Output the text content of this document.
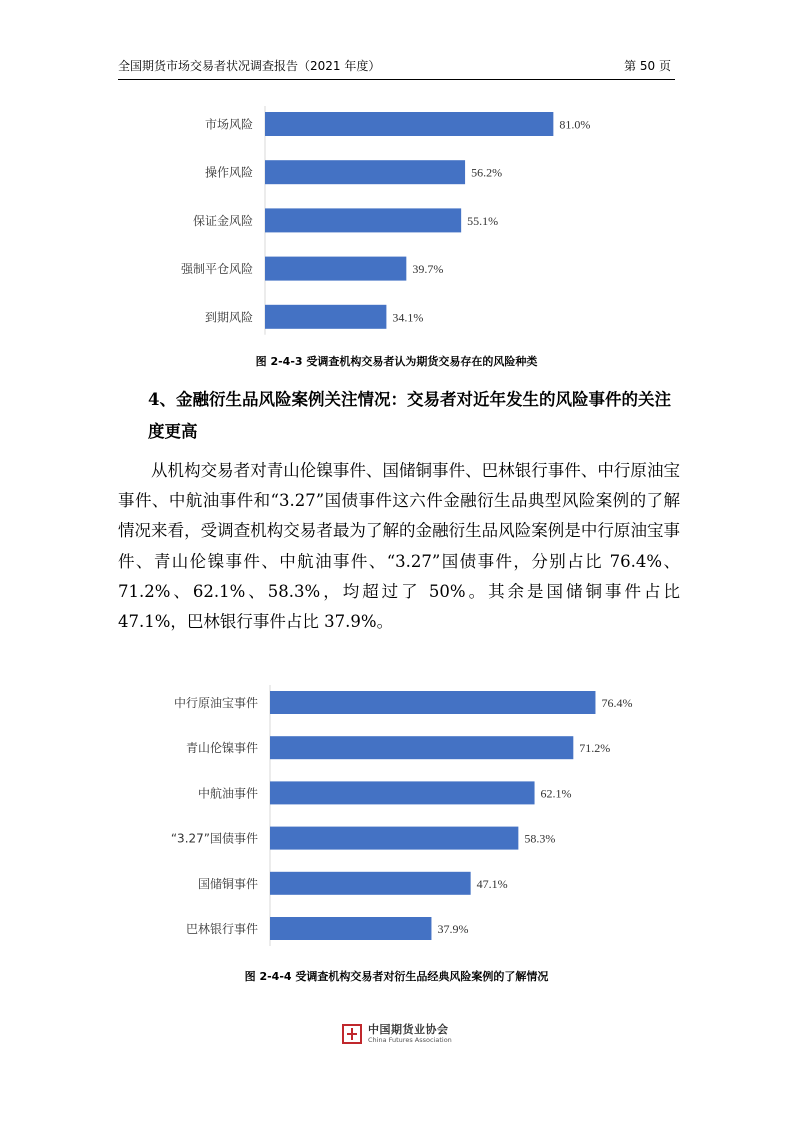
全国期货市场交易者状况调查报告（2021 年度）	第 50 页
市场风险	81.0%
操作风险	56.2%
保证金风险	55.1%
强制平仓风险	39.7%
到期风险	34.1%
图 2-4-3 受调查机构交易者认为期货交易存在的风险种类
4、金融衍生品风险案例关注情况：交易者对近年发生的风险事件的关注度更高

从机构交易者对青山伦镍事件、国储铜事件、巴林银行事件、中行原油宝事件、中航油事件和“3.27”国债事件这六件金融衍生品典型风险案例的了解情况来看，受调查机构交易者最为了解的金融衍生品风险案例是中行原油宝事件、青山伦镍事件、中航油事件、“3.27”国债事件，分别占比 76.4%、71.2%、62.1%、58.3%，均超过了 50%。其余是国储铜事件占比 47.1%，巴林银行事件占比 37.9%。

中行原油宝事件	76.4%
青山伦镍事件	71.2%
中航油事件	62.1%
“3.27”国债事件	58.3%
国储铜事件	47.1%
巴林银行事件	37.9%
图 2-4-4 受调查机构交易者对衍生品经典风险案例的了解情况
中国期货业协会
China Futures Association
